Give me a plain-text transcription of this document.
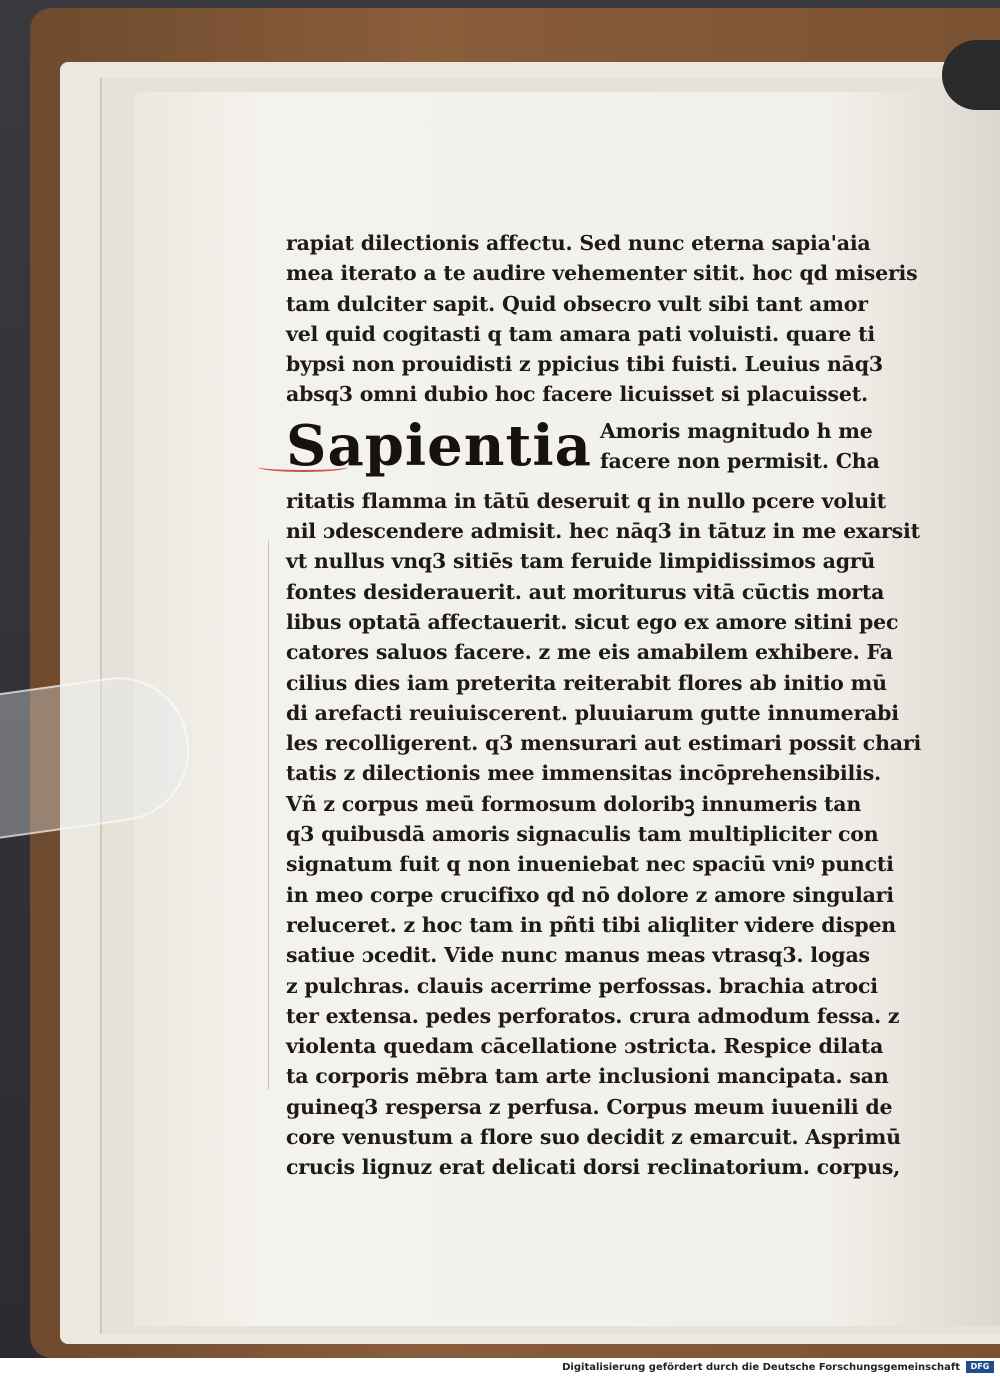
rapiat dilectionis affectu. Sed nunc eterna sapia'aia
mea iterato a te audire vehementer sitit. hoc qd miseris
tam dulciter sapit. Quid obsecro vult sibi tant amor
vel quid cogitasti q tam amara pati voluisti. quare ti
bypsi non prouidisti z ppicius tibi fuisti. Leuius nāq3
absq3 omni dubio hoc facere licuisset si placuisset.
Sapientia Amoris magnitudo h me
facere non permisit. Cha
ritatis flamma in tātū deseruit q in nullo pcere voluit
nil ɔdescendere admisit. hec nāq3 in tātuz in me exarsit
vt nullus vnq3 sitiēs tam feruide limpidissimos agrū
fontes desiderauerit. aut moriturus vitā cūctis morta
libus optatā affectauerit. sicut ego ex amore sitini pec
catores saluos facere. z me eis amabilem exhibere. Fa
cilius dies iam preterita reiterabit flores ab initio mū
di arefacti reuiuiscerent. pluuiarum gutte innumerabi
les recolligerent. q3 mensurari aut estimari possit chari
tatis z dilectionis mee immensitas incōprehensibilis.
Vñ z corpus meū formosum doloribꝫ innumeris tan
q3 quibusdā amoris signaculis tam multipliciter con
signatum fuit q non inueniebat nec spaciū vniꝰ puncti
in meo corpe crucifixo qd nō dolore z amore singulari
reluceret. z hoc tam in pñti tibi aliqliter videre dispen
satiue ɔcedit. Vide nunc manus meas vtrasq3. logas
z pulchras. clauis acerrime perfossas. brachia atroci
ter extensa. pedes perforatos. crura admodum fessa. z
violenta quedam cācellatione ɔstricta. Respice dilata
ta corporis mēbra tam arte inclusioni mancipata. san
guineq3 respersa z perfusa. Corpus meum iuuenili de
core venustum a flore suo decidit z emarcuit. Asprimū
crucis lignuz erat delicati dorsi reclinatorium. corpus,
Digitalisierung gefördert durch die Deutsche Forschungsgemeinschaft	DFG
